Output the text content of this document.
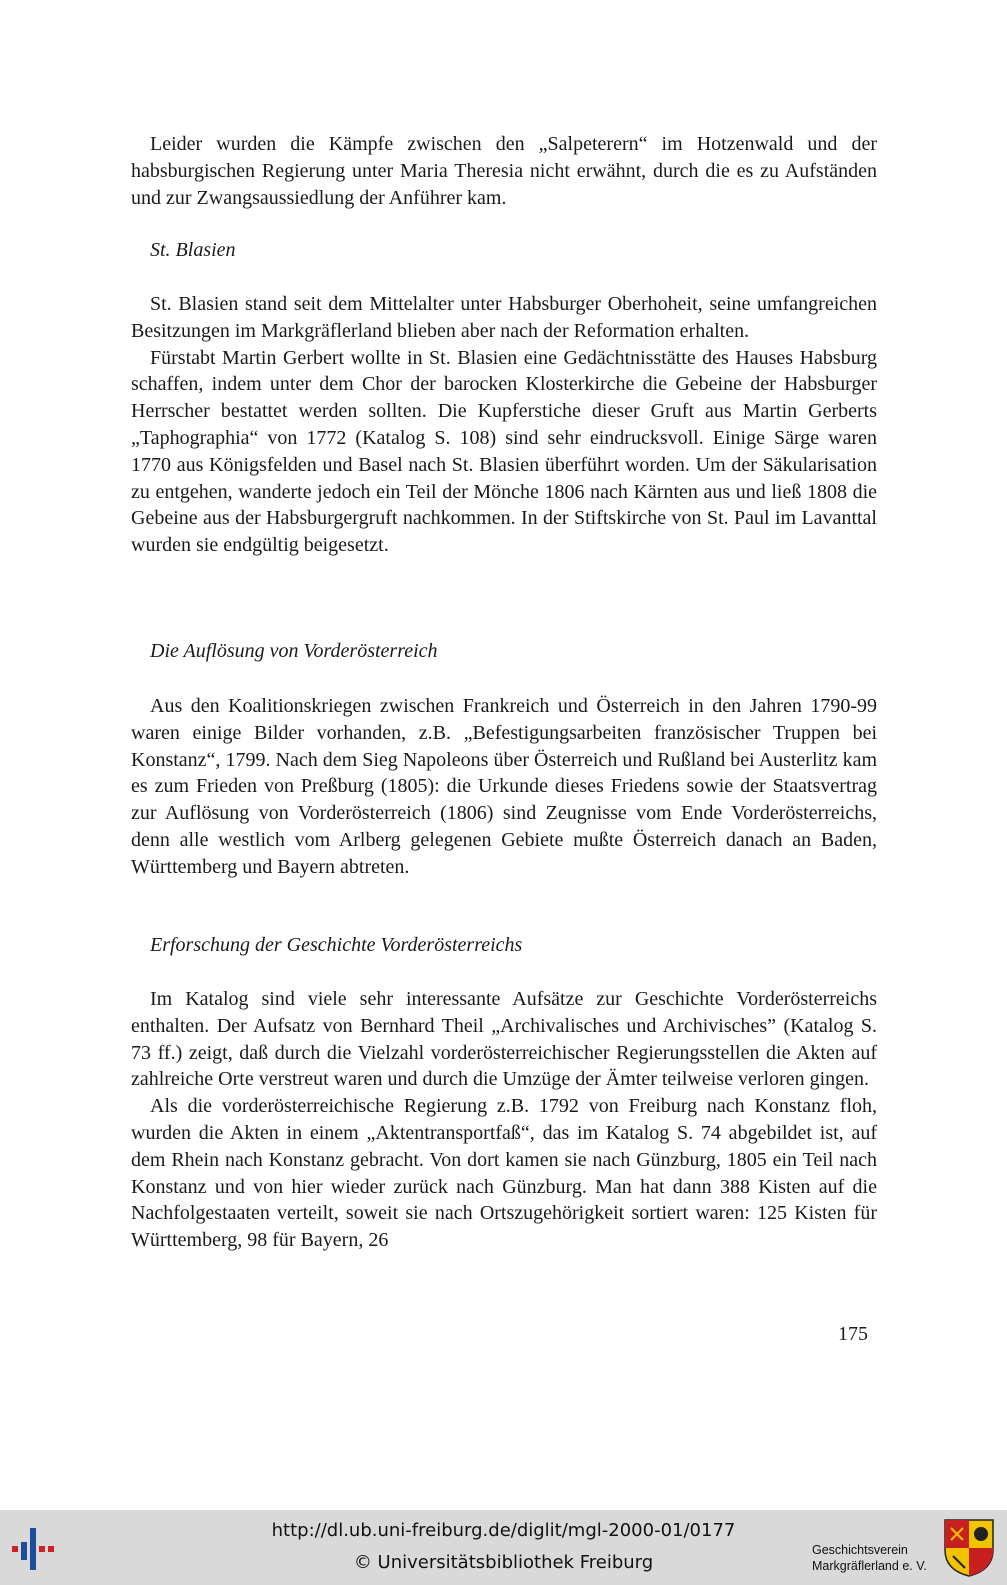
Leider wurden die Kämpfe zwischen den „Salpeterern“ im Hotzenwald und der habsburgischen Regierung unter Maria Theresia nicht erwähnt, durch die es zu Aufständen und zur Zwangsaussiedlung der Anführer kam.

St. Blasien

St. Blasien stand seit dem Mittelalter unter Habsburger Oberhoheit, seine umfangreichen Besitzungen im Markgräflerland blieben aber nach der Reformation erhalten.

Fürstabt Martin Gerbert wollte in St. Blasien eine Gedächtnisstätte des Hauses Habsburg schaffen, indem unter dem Chor der barocken Klosterkirche die Gebeine der Habsburger Herrscher bestattet werden sollten. Die Kupferstiche dieser Gruft aus Martin Gerberts „Taphographia“ von 1772 (Katalog S. 108) sind sehr eindrucksvoll. Einige Särge waren 1770 aus Königsfelden und Basel nach St. Blasien überführt worden. Um der Säkularisation zu entgehen, wanderte jedoch ein Teil der Mönche 1806 nach Kärnten aus und ließ 1808 die Gebeine aus der Habsburgergruft nachkommen. In der Stiftskirche von St. Paul im Lavanttal wurden sie endgültig beigesetzt.

Die Auflösung von Vorderösterreich

Aus den Koalitionskriegen zwischen Frankreich und Österreich in den Jahren 1790-99 waren einige Bilder vorhanden, z.B. „Befestigungsarbeiten französischer Truppen bei Konstanz“, 1799. Nach dem Sieg Napoleons über Österreich und Rußland bei Austerlitz kam es zum Frieden von Preßburg (1805): die Urkunde dieses Friedens sowie der Staatsvertrag zur Auflösung von Vorderösterreich (1806) sind Zeugnisse vom Ende Vorderösterreichs, denn alle westlich vom Arlberg gelegenen Gebiete mußte Österreich danach an Baden, Württemberg und Bayern abtreten.

Erforschung der Geschichte Vorderösterreichs

Im Katalog sind viele sehr interessante Aufsätze zur Geschichte Vorderösterreichs enthalten. Der Aufsatz von Bernhard Theil „Archivalisches und Archivisches” (Katalog S. 73 ff.) zeigt, daß durch die Vielzahl vorderösterreichischer Regierungsstellen die Akten auf zahlreiche Orte verstreut waren und durch die Umzüge der Ämter teilweise verloren gingen.

Als die vorderösterreichische Regierung z.B. 1792 von Freiburg nach Konstanz floh, wurden die Akten in einem „Aktentransportfaß“, das im Katalog S. 74 abgebildet ist, auf dem Rhein nach Konstanz gebracht. Von dort kamen sie nach Günzburg, 1805 ein Teil nach Konstanz und von hier wieder zurück nach Günzburg. Man hat dann 388 Kisten auf die Nachfolgestaaten verteilt, soweit sie nach Ortszugehörigkeit sortiert waren: 125 Kisten für Württemberg, 98 für Bayern, 26

175
http://dl.ub.uni-freiburg.de/diglit/mgl-2000-01/0177
© Universitätsbibliothek Freiburg
Geschichtsverein
Markgräflerland e. V.
